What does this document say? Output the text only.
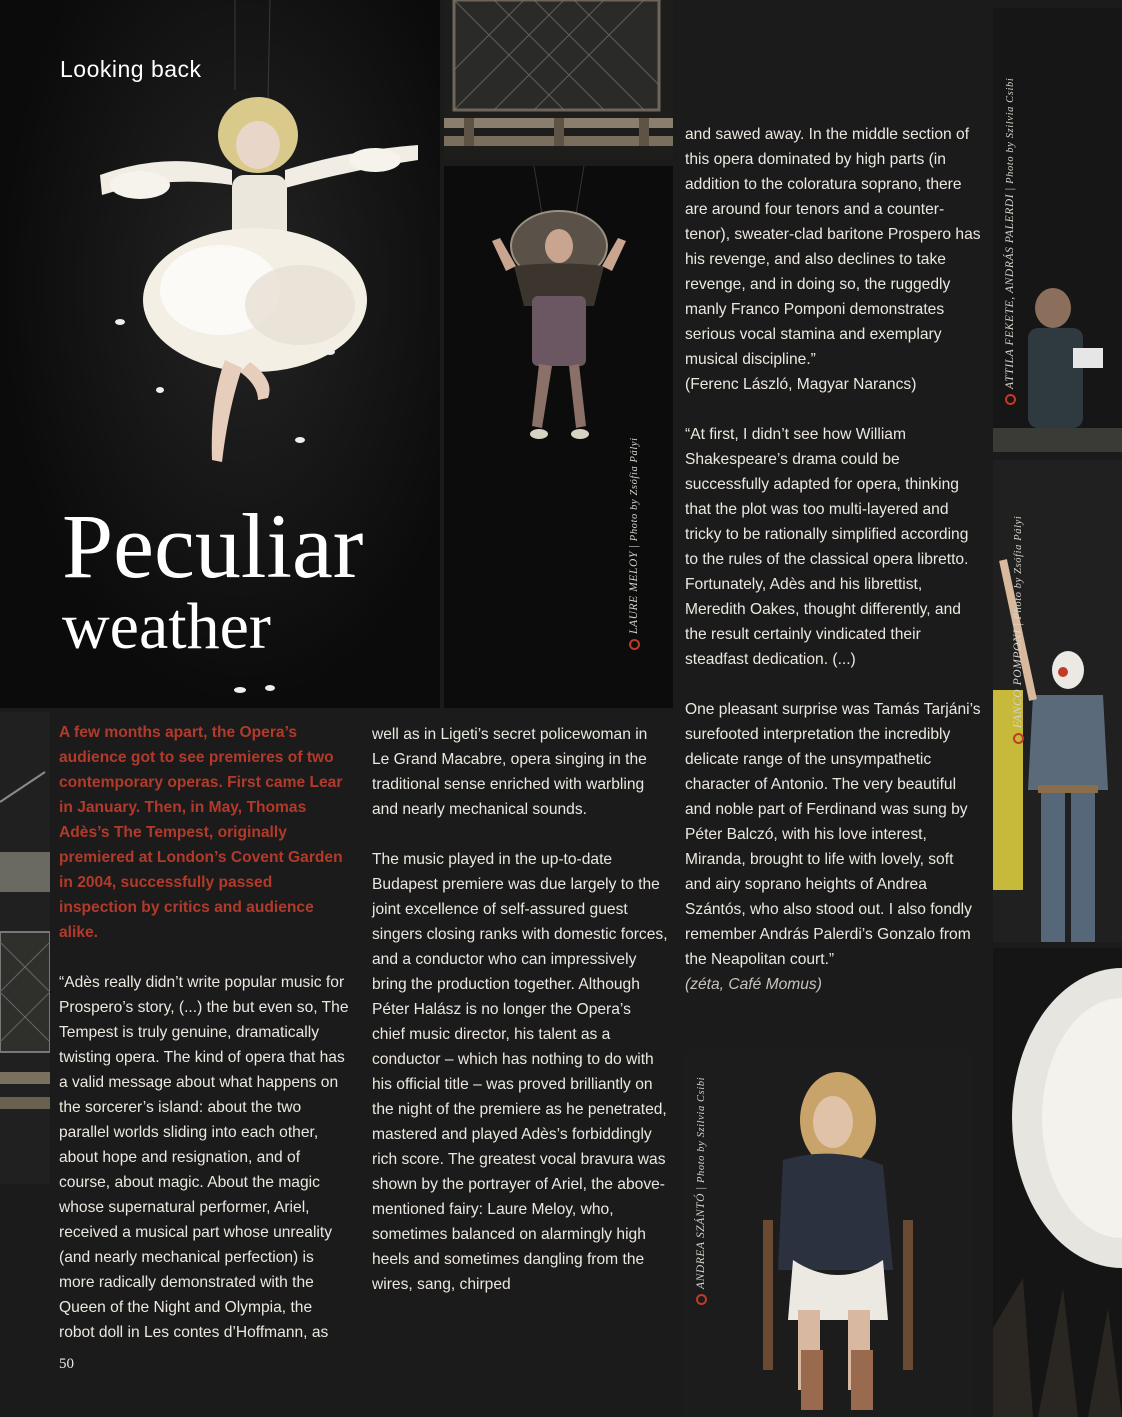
Looking back

Peculiar
weather	LAURE MELOY | Photo by Zsófia Pályi
ATTILA FEKETE, ANDRÁS PALERDI | Photo by Szilvia Csibi
FANCO POMPONI | Photo by Zsófia Pályi
ANDREA SZÁNTÓ | Photo by Szilvia Csibi

A few months apart, the Opera’s audience got to see premieres of two contemporary operas. First came Lear in January. Then, in May, Thomas Adès’s The Tempest, originally premiered at London’s Covent Garden in 2004, successfully passed inspection by critics and audience alike.

“Adès really didn’t write popular music for Prospero’s story, (...) the but even so, The Tempest is truly genuine, dramatically twisting opera. The kind of opera that has a valid message about what happens on the sorcerer’s island: about the two parallel worlds sliding into each other, about hope and resignation, and of course, about magic. About the magic whose supernatural performer, Ariel, received a musical part whose unreality (and nearly mechanical perfection) is more radically demonstrated with the Queen of the Night and Olympia, the robot doll in Les contes d’Hoffmann, as

well as in Ligeti’s secret policewoman in Le Grand Macabre, opera singing in the traditional sense enriched with warbling and nearly mechanical sounds.

The music played in the up-to-date Budapest premiere was due largely to the joint excellence of self-assured guest singers closing ranks with domestic forces, and a conductor who can impressively bring the production together. Although Péter Halász is no longer the Opera’s chief music director, his talent as a conductor – which has nothing to do with his official title – was proved brilliantly on the night of the premiere as he penetrated, mastered and played Adès’s forbiddingly rich score. The greatest vocal bravura was shown by the portrayer of Ariel, the above-mentioned fairy: Laure Meloy, who, sometimes balanced on alarmingly high heels and sometimes dangling from the wires, sang, chirped

and sawed away. In the middle section of this opera dominated by high parts (in addition to the coloratura soprano, there are around four tenors and a counter-tenor), sweater-clad baritone Prospero has his revenge, and also declines to take revenge, and in doing so, the ruggedly manly Franco Pomponi demonstrates serious vocal stamina and exemplary musical discipline.”
(Ferenc László, Magyar Narancs)

“At first, I didn’t see how William Shakespeare’s drama could be successfully adapted for opera, thinking that the plot was too multi-layered and tricky to be rationally simplified according to the rules of the classical opera libretto. Fortunately, Adès and his librettist, Meredith Oakes, thought differently, and the result certainly vindicated their steadfast dedication. (...)

One pleasant surprise was Tamás Tarjáni’s surefooted interpretation the incredibly delicate range of the unsympathetic character of Antonio. The very beautiful and noble part of Ferdinand was sung by Péter Balczó, with his love interest, Miranda, brought to life with lovely, soft and airy soprano heights of Andrea Szántós, who also stood out. I also fondly remember András Palerdi’s Gonzalo from the Neapolitan court.”
(zéta, Café Momus)

50
